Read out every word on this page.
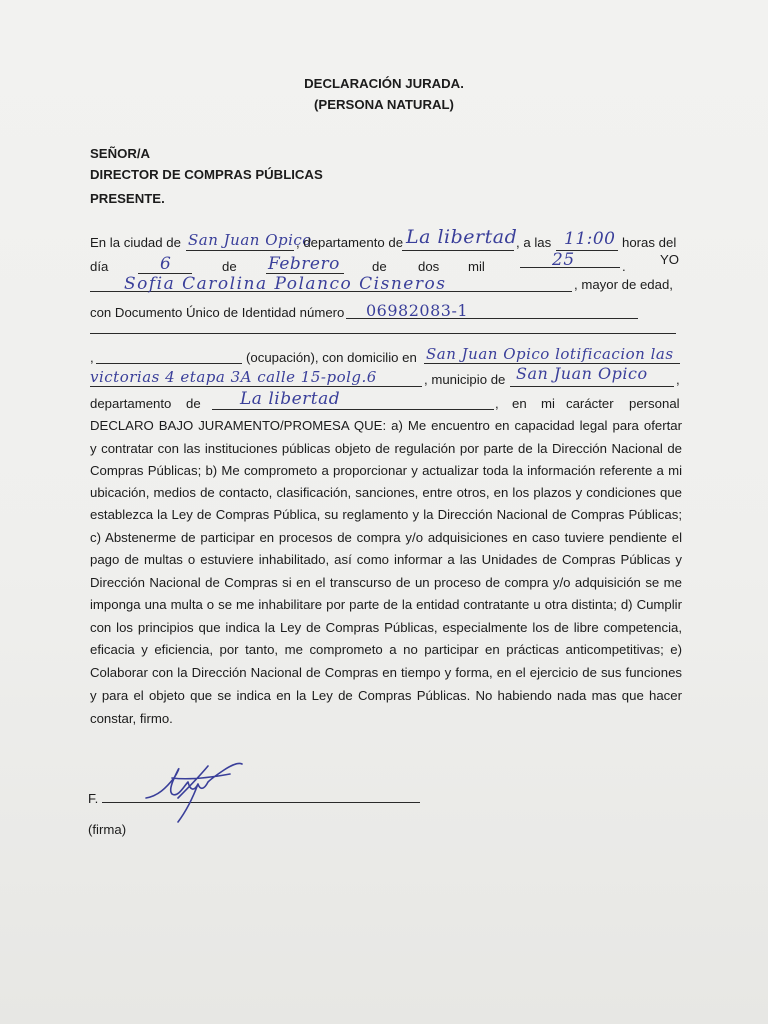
DECLARACIÓN JURADA.
(PERSONA NATURAL)
SEÑOR/A
DIRECTOR DE COMPRAS PÚBLICAS
PRESENTE.
En la ciudad de San Juan Opico
, departamento de La libertad
, a las 11:00 horas del
día	6	de Febrero de dos mil	25	.	YO
Sofia Carolina Polanco Cisneros	, mayor de edad,
con Documento Único de Identidad número 06982083-1
,	(ocupación), con domicilio en San Juan Opico lotificacion las
victorias 4 etapa 3A calle 15-polg.6	, municipio de San Juan Opico ,
departamento de La libertad	, en mi carácter personal
DECLARO BAJO JURAMENTO/PROMESA QUE: a) Me encuentro en capacidad legal para ofertar
y contratar con las instituciones públicas objeto de regulación por parte de la Dirección Nacional de
Compras Públicas; b) Me comprometo a proporcionar y actualizar toda la información referente a mi
ubicación, medios de contacto, clasificación, sanciones, entre otros, en los plazos y condiciones que
establezca la Ley de Compras Pública, su reglamento y la Dirección Nacional de Compras Públicas;
c) Abstenerme de participar en procesos de compra y/o adquisiciones en caso tuviere pendiente el
pago de multas o estuviere inhabilitado, así como informar a las Unidades de Compras Públicas y
Dirección Nacional de Compras si en el transcurso de un proceso de compra y/o adquisición se me
imponga una multa o se me inhabilitare por parte de la entidad contratante u otra distinta; d) Cumplir
con los principios que indica la Ley de Compras Públicas, especialmente los de libre competencia,
eficacia y eficiencia, por tanto, me comprometo a no participar en prácticas anticompetitivas; e)
Colaborar con la Dirección Nacional de Compras en tiempo y forma, en el ejercicio de sus funciones
y para el objeto que se indica en la Ley de Compras Públicas. No habiendo nada mas que hacer
constar, firmo.
F.
(firma)
